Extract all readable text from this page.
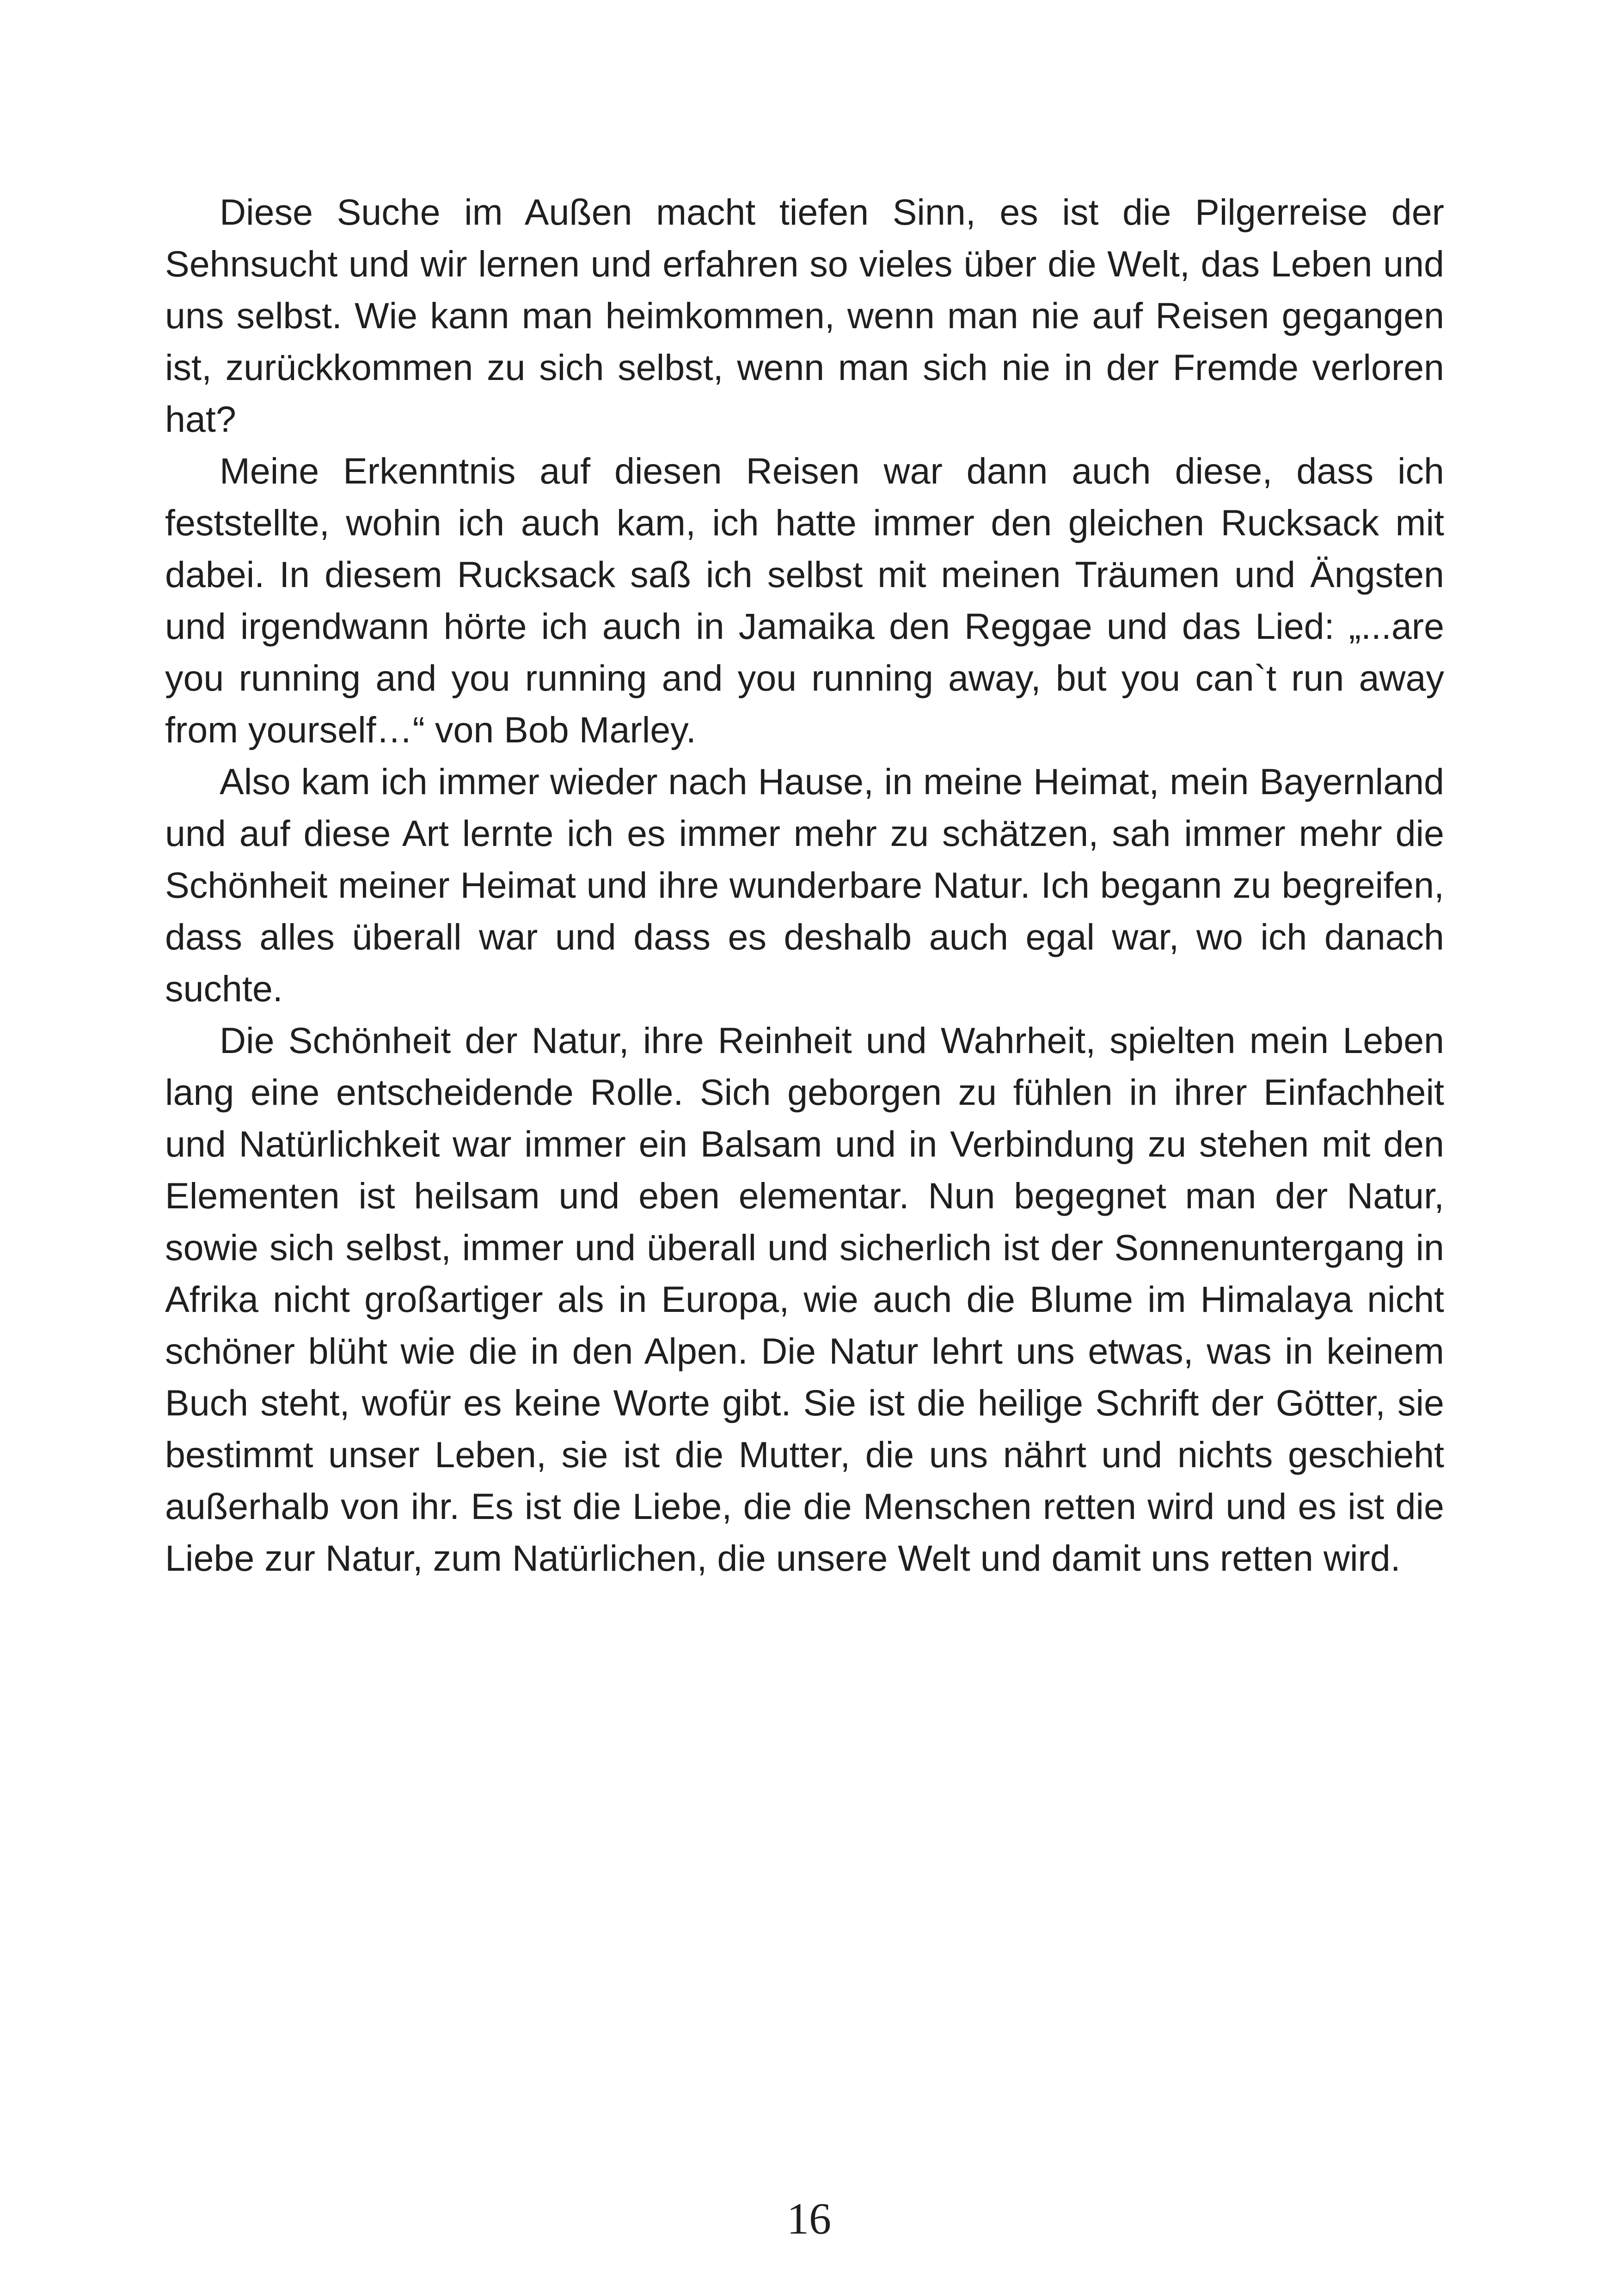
Diese Suche im Außen macht tiefen Sinn, es ist die Pilgerreise der Sehnsucht und wir lernen und erfahren so vieles über die Welt, das Leben und uns selbst. Wie kann man heimkommen, wenn man nie auf Reisen gegangen ist, zurückkommen zu sich selbst, wenn man sich nie in der Fremde verloren hat?

Meine Erkenntnis auf diesen Reisen war dann auch diese, dass ich feststellte, wohin ich auch kam, ich hatte immer den gleichen Rucksack mit dabei. In diesem Rucksack saß ich selbst mit meinen Träumen und Ängsten und irgendwann hörte ich auch in Jamaika den Reggae und das Lied: „...are you running and you running and you running away, but you can`t run away from yourself…“ von Bob Marley.

Also kam ich immer wieder nach Hause, in meine Heimat, mein Bayernland und auf diese Art lernte ich es immer mehr zu schätzen, sah immer mehr die Schönheit meiner Heimat und ihre wunderbare Natur. Ich begann zu begreifen, dass alles überall war und dass es deshalb auch egal war, wo ich danach suchte.

Die Schönheit der Natur, ihre Reinheit und Wahrheit, spielten mein Leben lang eine entscheidende Rolle. Sich geborgen zu fühlen in ihrer Einfachheit und Natürlichkeit war immer ein Balsam und in Verbindung zu stehen mit den Elementen ist heilsam und eben elementar. Nun begegnet man der Natur, sowie sich selbst, immer und überall und sicherlich ist der Sonnenuntergang in Afrika nicht großartiger als in Europa, wie auch die Blume im Himalaya nicht schöner blüht wie die in den Alpen. Die Natur lehrt uns etwas, was in keinem Buch steht, wofür es keine Worte gibt. Sie ist die heilige Schrift der Götter, sie bestimmt unser Leben, sie ist die Mutter, die uns nährt und nichts geschieht außerhalb von ihr. Es ist die Liebe, die die Menschen retten wird und es ist die Liebe zur Natur, zum Natürlichen, die unsere Welt und damit uns retten wird.

16
